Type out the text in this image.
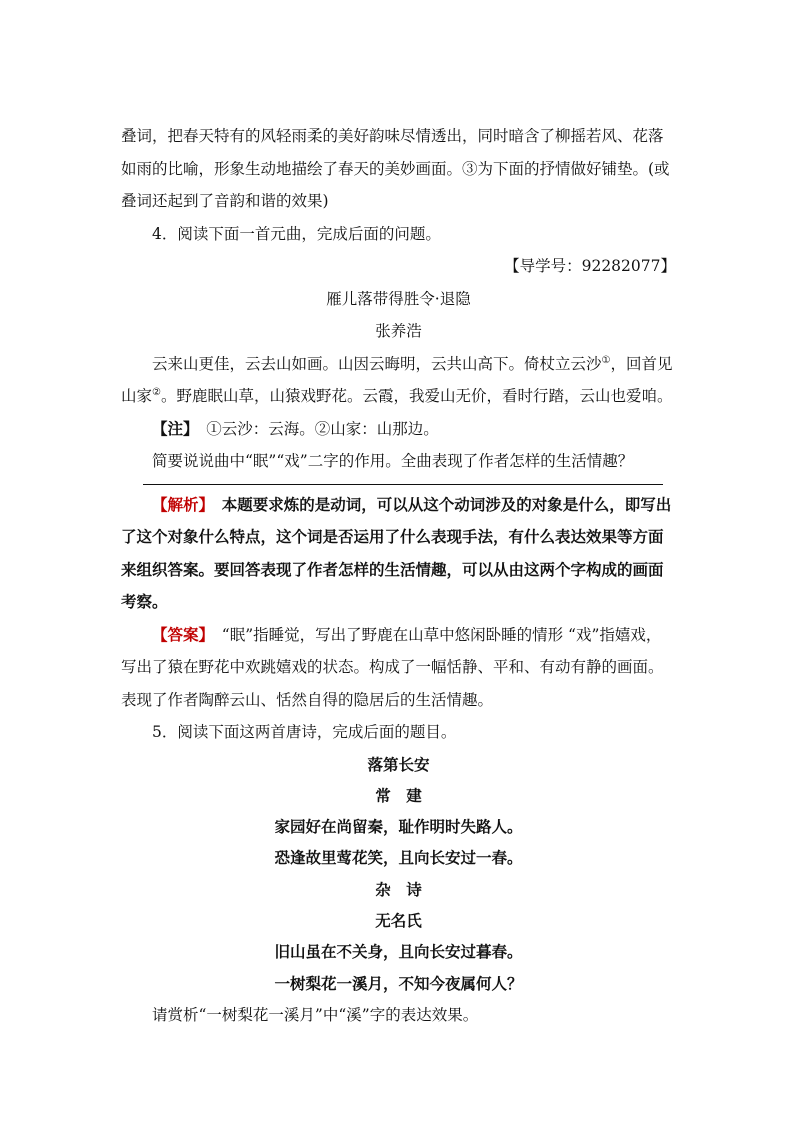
叠词，把春天特有的风轻雨柔的美好韵味尽情透出，同时暗含了柳摇若风、花落如雨的比喻，形象生动地描绘了春天的美妙画面。③为下面的抒情做好铺垫。(或叠词还起到了音韵和谐的效果)

4．阅读下面一首元曲，完成后面的问题。

【导学号：92282077】

雁儿落带得胜令·退隐

张养浩

云来山更佳，云去山如画。山因云晦明，云共山高下。倚杖立云沙①，回首见山家②。野鹿眠山草，山猿戏野花。云霞，我爱山无价，看时行踏，云山也爱咱。

【注】　①云沙：云海。②山家：山那边。

简要说说曲中“眠”“戏”二字的作用。全曲表现了作者怎样的生活情趣？

【解析】　本题要求炼的是动词，可以从这个动词涉及的对象是什么，即写出了这个对象什么特点，这个词是否运用了什么表现手法，有什么表达效果等方面来组织答案。要回答表现了作者怎样的生活情趣，可以从由这两个字构成的画面考察。

【答案】　“眠”指睡觉，写出了野鹿在山草中悠闲卧睡的情形 “戏”指嬉戏，写出了猿在野花中欢跳嬉戏的状态。构成了一幅恬静、平和、有动有静的画面。表现了作者陶醉云山、恬然自得的隐居后的生活情趣。

5．阅读下面这两首唐诗，完成后面的题目。

落第长安

常　建

家园好在尚留秦，耻作明时失路人。

恐逢故里莺花笑，且向长安过一春。

杂　诗

无名氏

旧山虽在不关身，且向长安过暮春。

一树梨花一溪月，不知今夜属何人？

请赏析“一树梨花一溪月”中“溪”字的表达效果。
